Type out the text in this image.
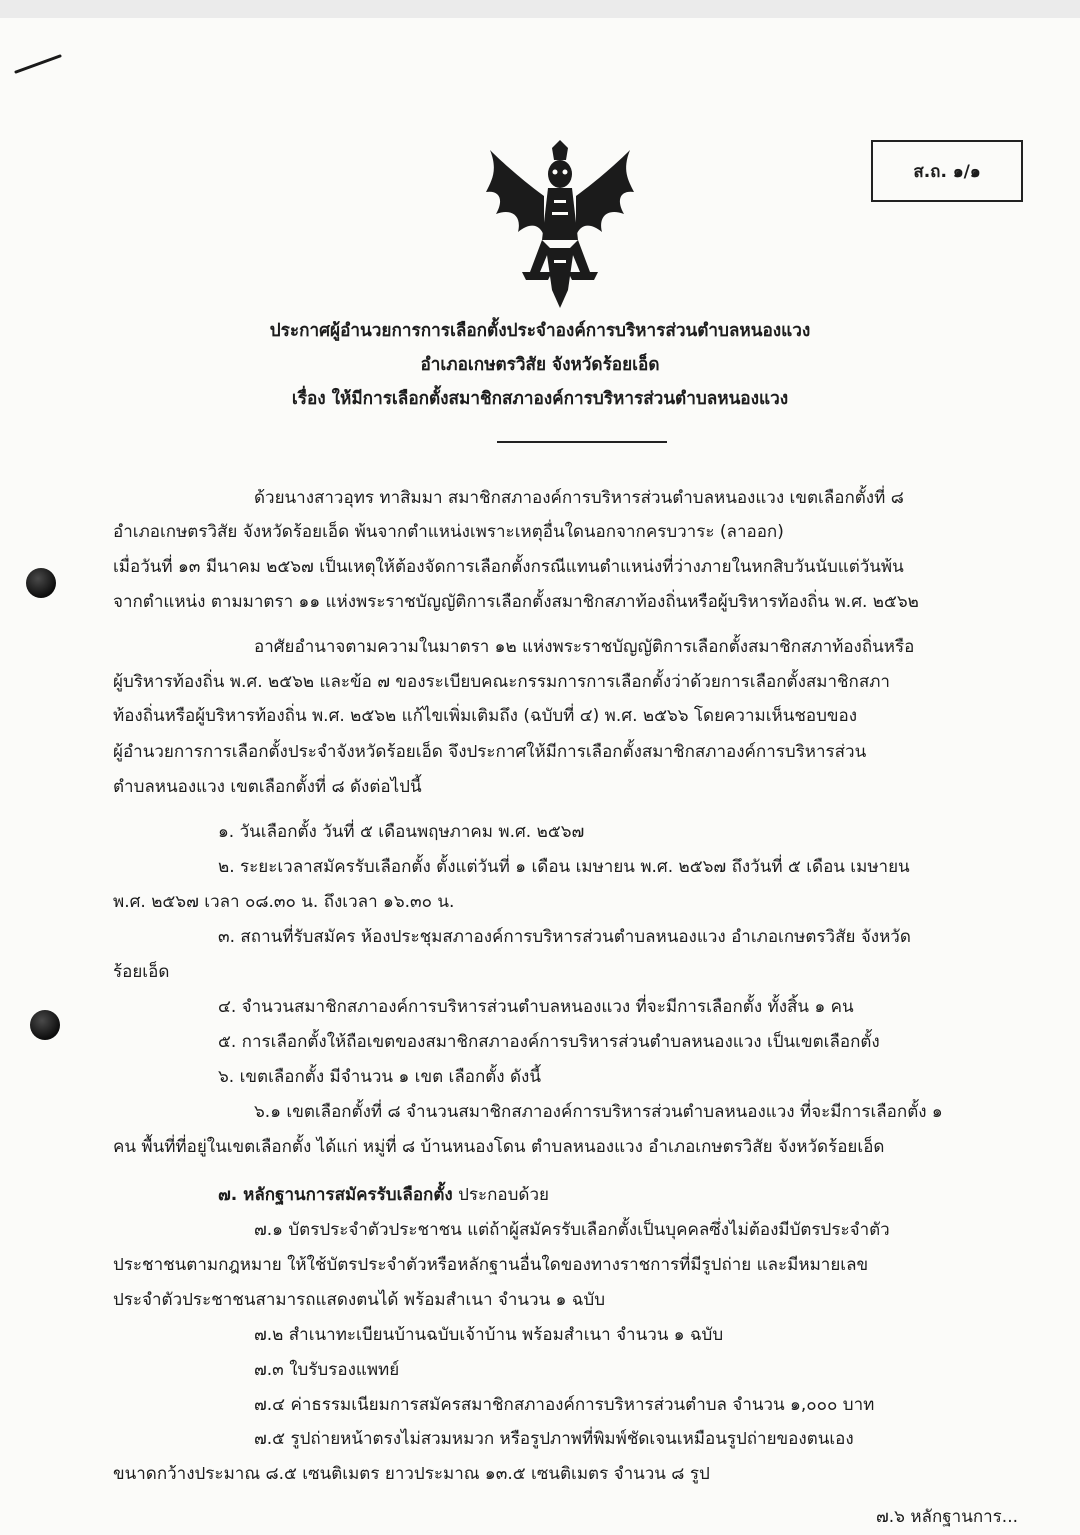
ส.ถ. ๑/๑
ประกาศผู้อำนวยการการเลือกตั้งประจำองค์การบริหารส่วนตำบลหนองแวง
อำเภอเกษตรวิสัย จังหวัดร้อยเอ็ด
เรื่อง ให้มีการเลือกตั้งสมาชิกสภาองค์การบริหารส่วนตำบลหนองแวง
ด้วยนางสาวอุทร ทาสิมมา สมาชิกสภาองค์การบริหารส่วนตำบลหนองแวง เขตเลือกตั้งที่ ๘
อำเภอเกษตรวิสัย จังหวัดร้อยเอ็ด พ้นจากตำแหน่งเพราะเหตุอื่นใดนอกจากครบวาระ (ลาออก)
เมื่อวันที่ ๑๓ มีนาคม ๒๕๖๗ เป็นเหตุให้ต้องจัดการเลือกตั้งกรณีแทนตำแหน่งที่ว่างภายในหกสิบวันนับแต่วันพ้น
จากตำแหน่ง ตามมาตรา ๑๑ แห่งพระราชบัญญัติการเลือกตั้งสมาชิกสภาท้องถิ่นหรือผู้บริหารท้องถิ่น พ.ศ. ๒๕๖๒
อาศัยอำนาจตามความในมาตรา ๑๒ แห่งพระราชบัญญัติการเลือกตั้งสมาชิกสภาท้องถิ่นหรือ
ผู้บริหารท้องถิ่น พ.ศ. ๒๕๖๒ และข้อ ๗ ของระเบียบคณะกรรมการการเลือกตั้งว่าด้วยการเลือกตั้งสมาชิกสภา
ท้องถิ่นหรือผู้บริหารท้องถิ่น พ.ศ. ๒๕๖๒ แก้ไขเพิ่มเติมถึง (ฉบับที่ ๔) พ.ศ. ๒๕๖๖ โดยความเห็นชอบของ
ผู้อำนวยการการเลือกตั้งประจำจังหวัดร้อยเอ็ด จึงประกาศให้มีการเลือกตั้งสมาชิกสภาองค์การบริหารส่วน
ตำบลหนองแวง เขตเลือกตั้งที่ ๘ ดังต่อไปนี้
๑. วันเลือกตั้ง วันที่ ๕ เดือนพฤษภาคม พ.ศ. ๒๕๖๗
๒. ระยะเวลาสมัครรับเลือกตั้ง ตั้งแต่วันที่ ๑ เดือน เมษายน พ.ศ. ๒๕๖๗ ถึงวันที่ ๕ เดือน เมษายน
พ.ศ. ๒๕๖๗ เวลา ๐๘.๓๐ น. ถึงเวลา ๑๖.๓๐ น.
๓. สถานที่รับสมัคร ห้องประชุมสภาองค์การบริหารส่วนตำบลหนองแวง อำเภอเกษตรวิสัย จังหวัด
ร้อยเอ็ด
๔. จำนวนสมาชิกสภาองค์การบริหารส่วนตำบลหนองแวง ที่จะมีการเลือกตั้ง ทั้งสิ้น ๑ คน
๕. การเลือกตั้งให้ถือเขตของสมาชิกสภาองค์การบริหารส่วนตำบลหนองแวง เป็นเขตเลือกตั้ง
๖. เขตเลือกตั้ง มีจำนวน ๑ เขต เลือกตั้ง ดังนี้
๖.๑ เขตเลือกตั้งที่ ๘ จำนวนสมาชิกสภาองค์การบริหารส่วนตำบลหนองแวง ที่จะมีการเลือกตั้ง ๑
คน พื้นที่ที่อยู่ในเขตเลือกตั้ง ได้แก่ หมู่ที่ ๘ บ้านหนองโดน ตำบลหนองแวง อำเภอเกษตรวิสัย จังหวัดร้อยเอ็ด
๗. หลักฐานการสมัครรับเลือกตั้ง ประกอบด้วย
๗.๑ บัตรประจำตัวประชาชน แต่ถ้าผู้สมัครรับเลือกตั้งเป็นบุคคลซึ่งไม่ต้องมีบัตรประจำตัว
ประชาชนตามกฎหมาย ให้ใช้บัตรประจำตัวหรือหลักฐานอื่นใดของทางราชการที่มีรูปถ่าย และมีหมายเลข
ประจำตัวประชาชนสามารถแสดงตนได้ พร้อมสำเนา จำนวน ๑ ฉบับ
๗.๒ สำเนาทะเบียนบ้านฉบับเจ้าบ้าน พร้อมสำเนา จำนวน ๑ ฉบับ
๗.๓ ใบรับรองแพทย์
๗.๔ ค่าธรรมเนียมการสมัครสมาชิกสภาองค์การบริหารส่วนตำบล จำนวน ๑,๐๐๐ บาท
๗.๕ รูปถ่ายหน้าตรงไม่สวมหมวก หรือรูปภาพที่พิมพ์ชัดเจนเหมือนรูปถ่ายของตนเอง
ขนาดกว้างประมาณ ๘.๕ เซนติเมตร ยาวประมาณ ๑๓.๕ เซนติเมตร จำนวน ๘ รูป
๗.๖ หลักฐานการ...
